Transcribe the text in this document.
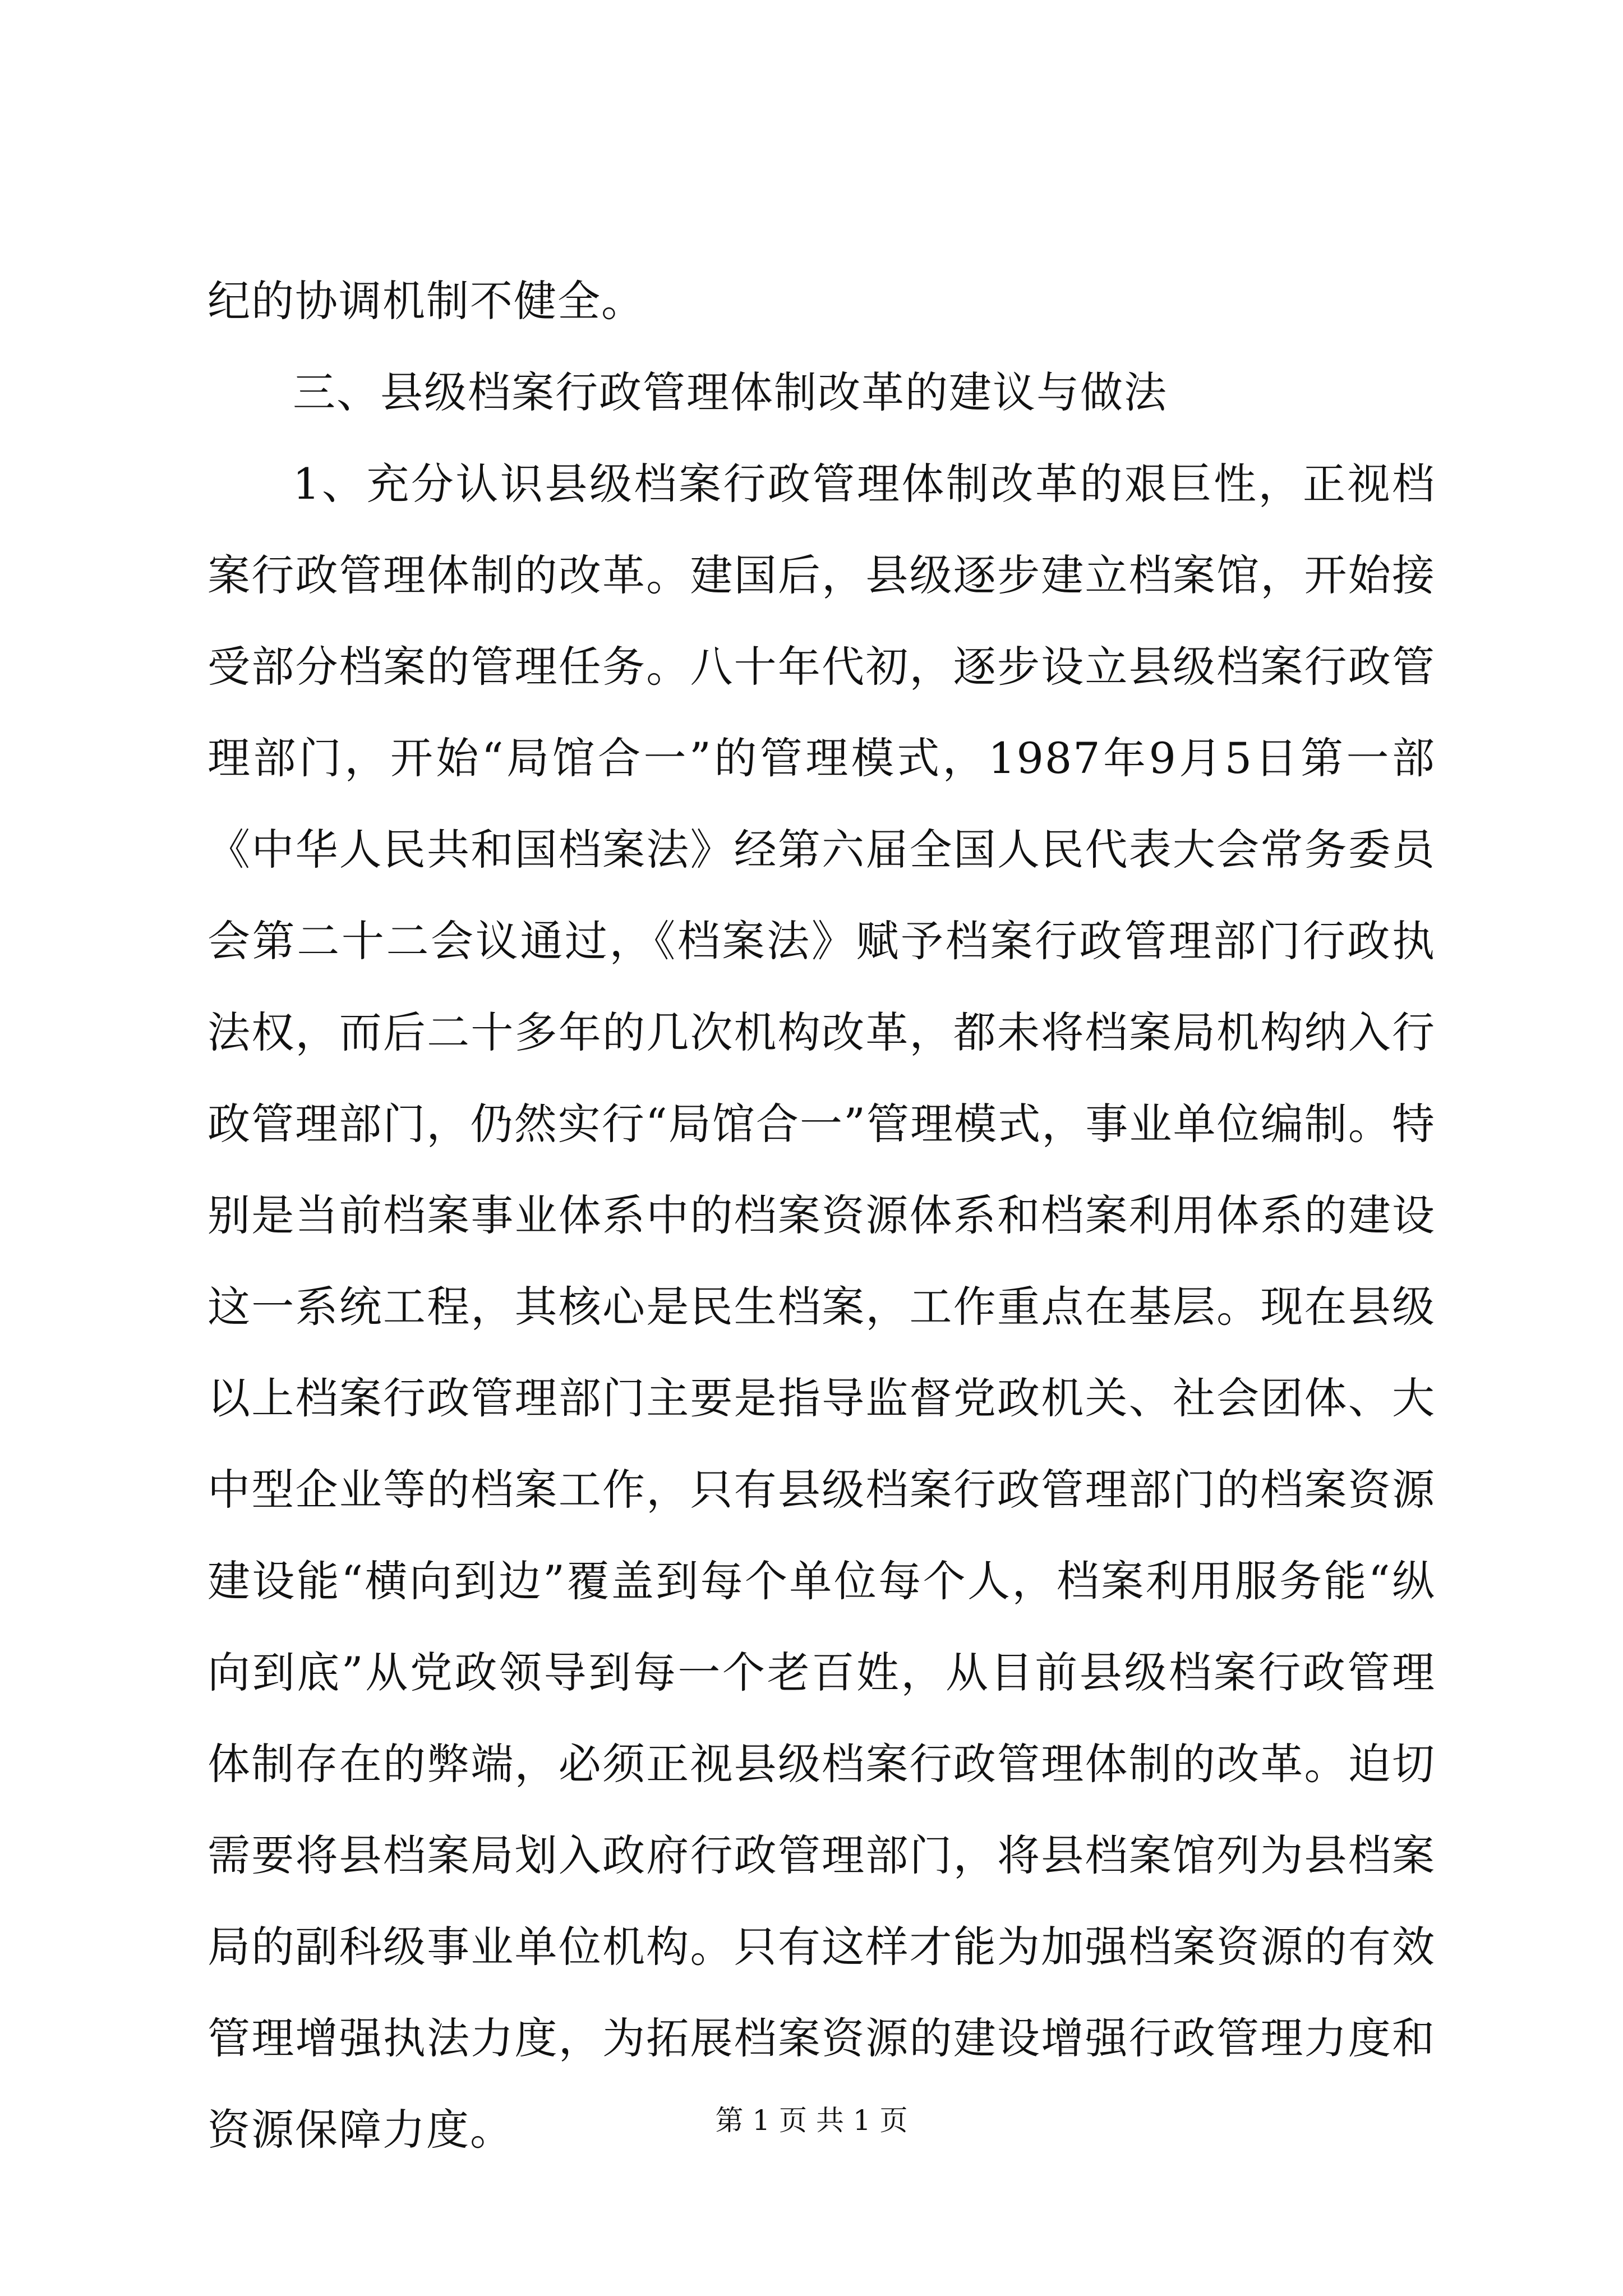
纪的协调机制不健全。

三、县级档案行政管理体制改革的建议与做法

1、充分认识县级档案行政管理体制改革的艰巨性，正视档案行政管理体制的改革。建国后，县级逐步建立档案馆，开始接受部分档案的管理任务。八十年代初，逐步设立县级档案行政管理部门，开始“局馆合一”的管理模式，1987年9月5日第一部《中华人民共和国档案法》经第六届全国人民代表大会常务委员会第二十二会议通过，《档案法》赋予档案行政管理部门行政执法权，而后二十多年的几次机构改革，都未将档案局机构纳入行政管理部门，仍然实行“局馆合一”管理模式，事业单位编制。特别是当前档案事业体系中的档案资源体系和档案利用体系的建设这一系统工程，其核心是民生档案，工作重点在基层。现在县级以上档案行政管理部门主要是指导监督党政机关、社会团体、大中型企业等的档案工作，只有县级档案行政管理部门的档案资源建设能“横向到边”覆盖到每个单位每个人，档案利用服务能“纵向到底”从党政领导到每一个老百姓，从目前县级档案行政管理体制存在的弊端，必须正视县级档案行政管理体制的改革。迫切需要将县档案局划入政府行政管理部门，将县档案馆列为县档案局的副科级事业单位机构。只有这样才能为加强档案资源的有效管理增强执法力度，为拓展档案资源的建设增强行政管理力度和资源保障力度。	第 1 页 共 1 页
